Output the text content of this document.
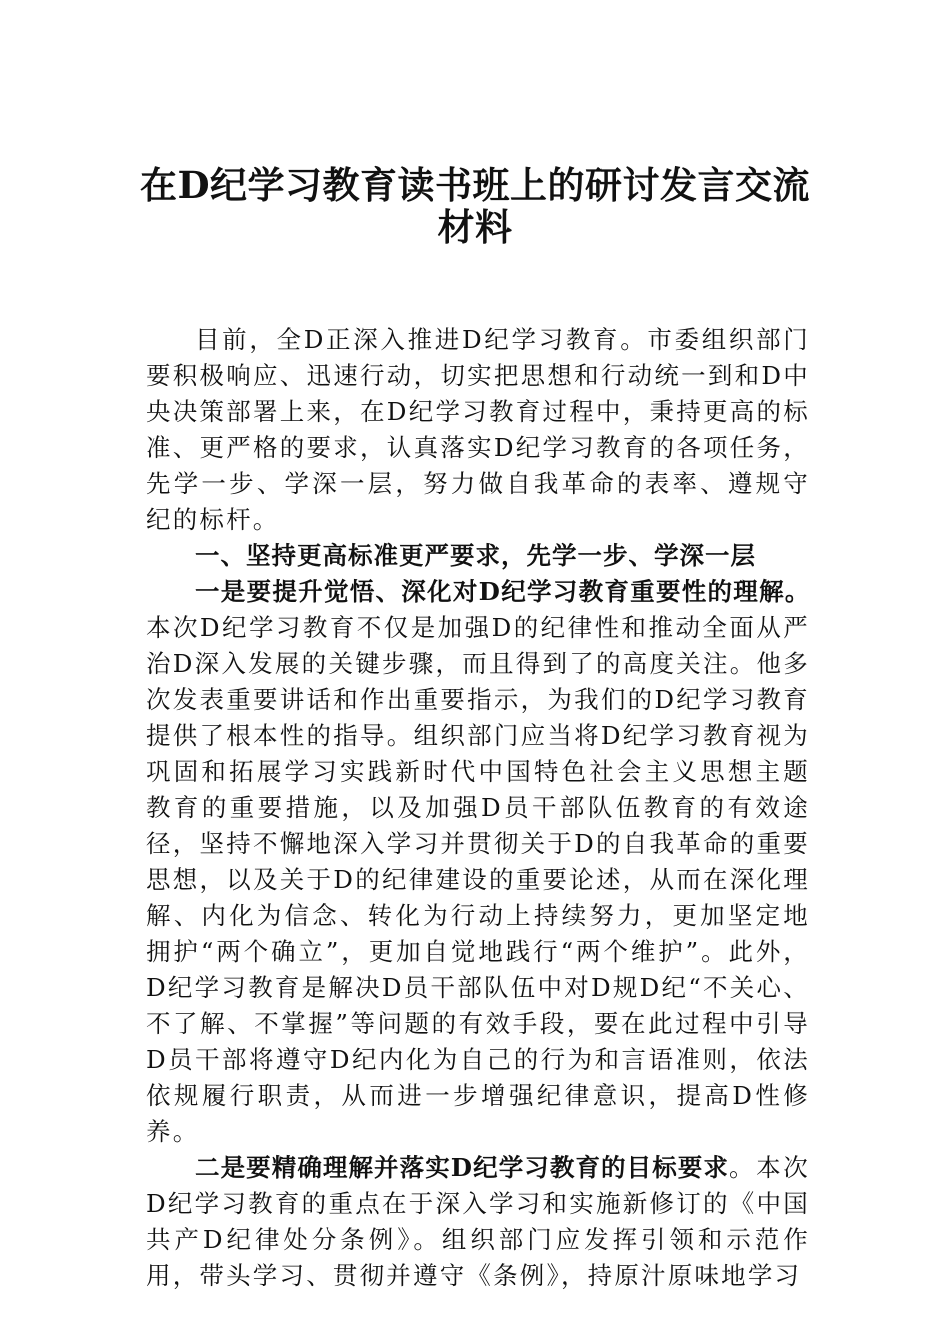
在D纪学习教育读书班上的研讨发言交流
材料

目前，全D正深入推进D纪学习教育。市委组织部门要积极响应、迅速行动，切实把思想和行动统一到和D中央决策部署上来，在D纪学习教育过程中，秉持更高的标准、更严格的要求，认真落实D纪学习教育的各项任务，先学一步、学深一层，努力做自我革命的表率、遵规守纪的标杆。

一、坚持更高标准更严要求，先学一步、学深一层

一是要提升觉悟、深化对D纪学习教育重要性的理解。本次D纪学习教育不仅是加强D的纪律性和推动全面从严治D深入发展的关键步骤，而且得到了的高度关注。他多次发表重要讲话和作出重要指示，为我们的D纪学习教育提供了根本性的指导。组织部门应当将D纪学习教育视为巩固和拓展学习实践新时代中国特色社会主义思想主题教育的重要措施，以及加强D员干部队伍教育的有效途径，坚持不懈地深入学习并贯彻关于D的自我革命的重要思想，以及关于D的纪律建设的重要论述，从而在深化理解、内化为信念、转化为行动上持续努力，更加坚定地拥护“两个确立”，更加自觉地践行“两个维护”。此外，D纪学习教育是解决D员干部队伍中对D规D纪“不关心、不了解、不掌握”等问题的有效手段，要在此过程中引导D员干部将遵守D纪内化为自己的行为和言语准则，依法依规履行职责，从而进一步增强纪律意识，提高D性修养。

二是要精确理解并落实D纪学习教育的目标要求。本次D纪学习教育的重点在于深入学习和实施新修订的《中国共产D纪律处分条例》。组织部门应发挥引领和示范作用，带头学习、贯彻并遵守《条例》，持原汁原味地学习
